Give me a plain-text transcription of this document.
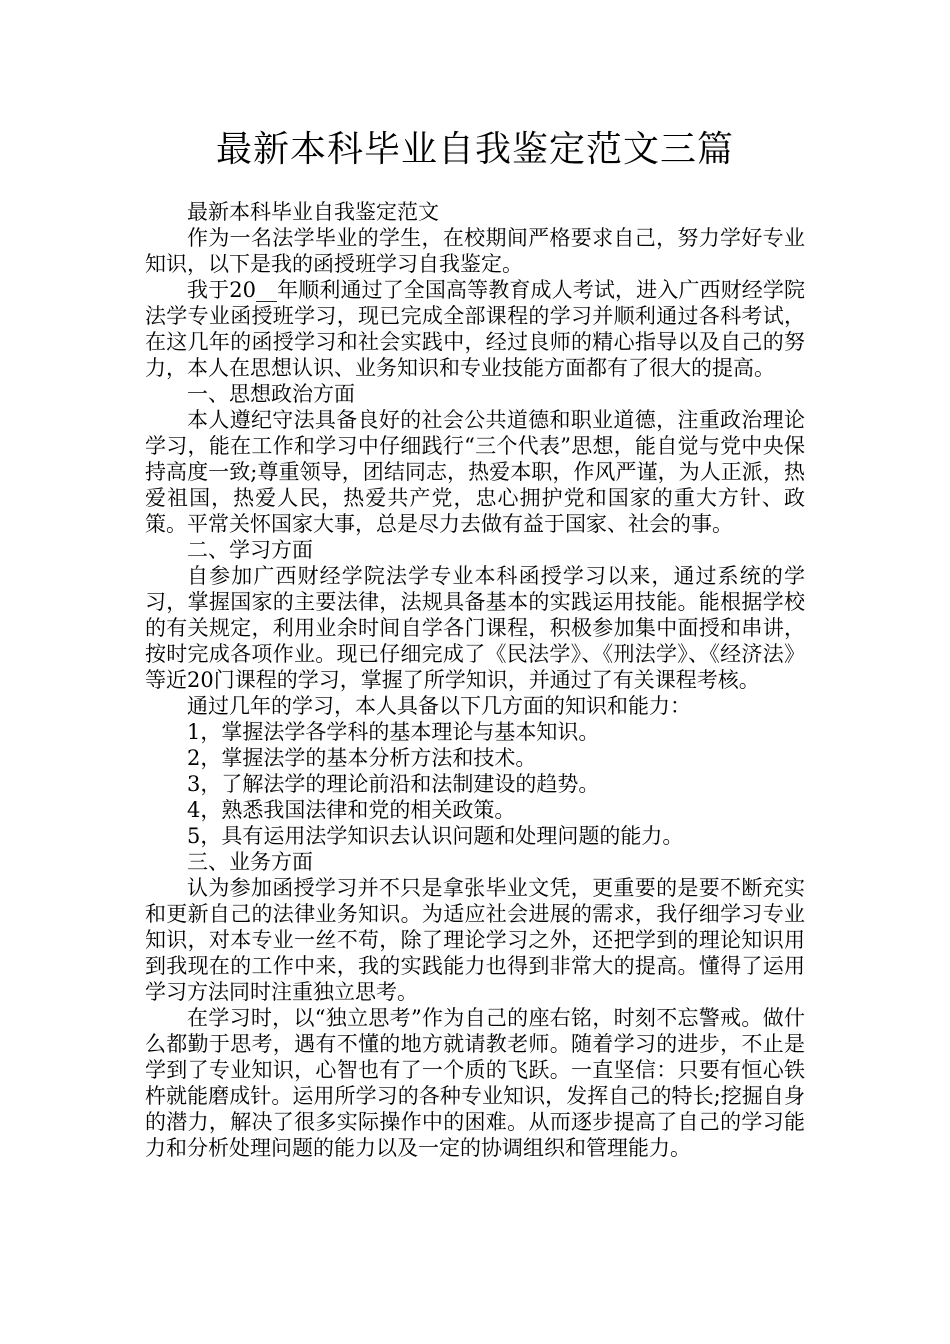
最新本科毕业自我鉴定范文三篇

最新本科毕业自我鉴定范文

作为一名法学毕业的学生，在校期间严格要求自己，努力学好专业知识，以下是我的函授班学习自我鉴定。

我于20__年顺利通过了全国高等教育成人考试，进入广西财经学院法学专业函授班学习，现已完成全部课程的学习并顺利通过各科考试，在这几年的函授学习和社会实践中，经过良师的精心指导以及自己的努力，本人在思想认识、业务知识和专业技能方面都有了很大的提高。

一、思想政治方面

本人遵纪守法具备良好的社会公共道德和职业道德，注重政治理论学习，能在工作和学习中仔细践行“三个代表”思想，能自觉与党中央保持高度一致;尊重领导，团结同志，热爱本职，作风严谨，为人正派，热爱祖国，热爱人民，热爱共产党，忠心拥护党和国家的重大方针、政策。平常关怀国家大事，总是尽力去做有益于国家、社会的事。

二、学习方面

自参加广西财经学院法学专业本科函授学习以来，通过系统的学习，掌握国家的主要法律，法规具备基本的实践运用技能。能根据学校的有关规定，利用业余时间自学各门课程，积极参加集中面授和串讲，按时完成各项作业。现已仔细完成了《民法学》、《刑法学》、《经济法》等近20门课程的学习，掌握了所学知识，并通过了有关课程考核。

通过几年的学习，本人具备以下几方面的知识和能力：

1，掌握法学各学科的基本理论与基本知识。

2，掌握法学的基本分析方法和技术。

3，了解法学的理论前沿和法制建设的趋势。

4，熟悉我国法律和党的相关政策。

5，具有运用法学知识去认识问题和处理问题的能力。

三、业务方面

认为参加函授学习并不只是拿张毕业文凭，更重要的是要不断充实和更新自己的法律业务知识。为适应社会进展的需求，我仔细学习专业知识，对本专业一丝不苟，除了理论学习之外，还把学到的理论知识用到我现在的工作中来，我的实践能力也得到非常大的提高。懂得了运用学习方法同时注重独立思考。

在学习时，以“独立思考”作为自己的座右铭，时刻不忘警戒。做什么都勤于思考，遇有不懂的地方就请教老师。随着学习的进步，不止是学到了专业知识，心智也有了一个质的飞跃。一直坚信：只要有恒心铁杵就能磨成针。运用所学习的各种专业知识，发挥自己的特长;挖掘自身的潜力，解决了很多实际操作中的困难。从而逐步提高了自己的学习能力和分析处理问题的能力以及一定的协调组织和管理能力。
